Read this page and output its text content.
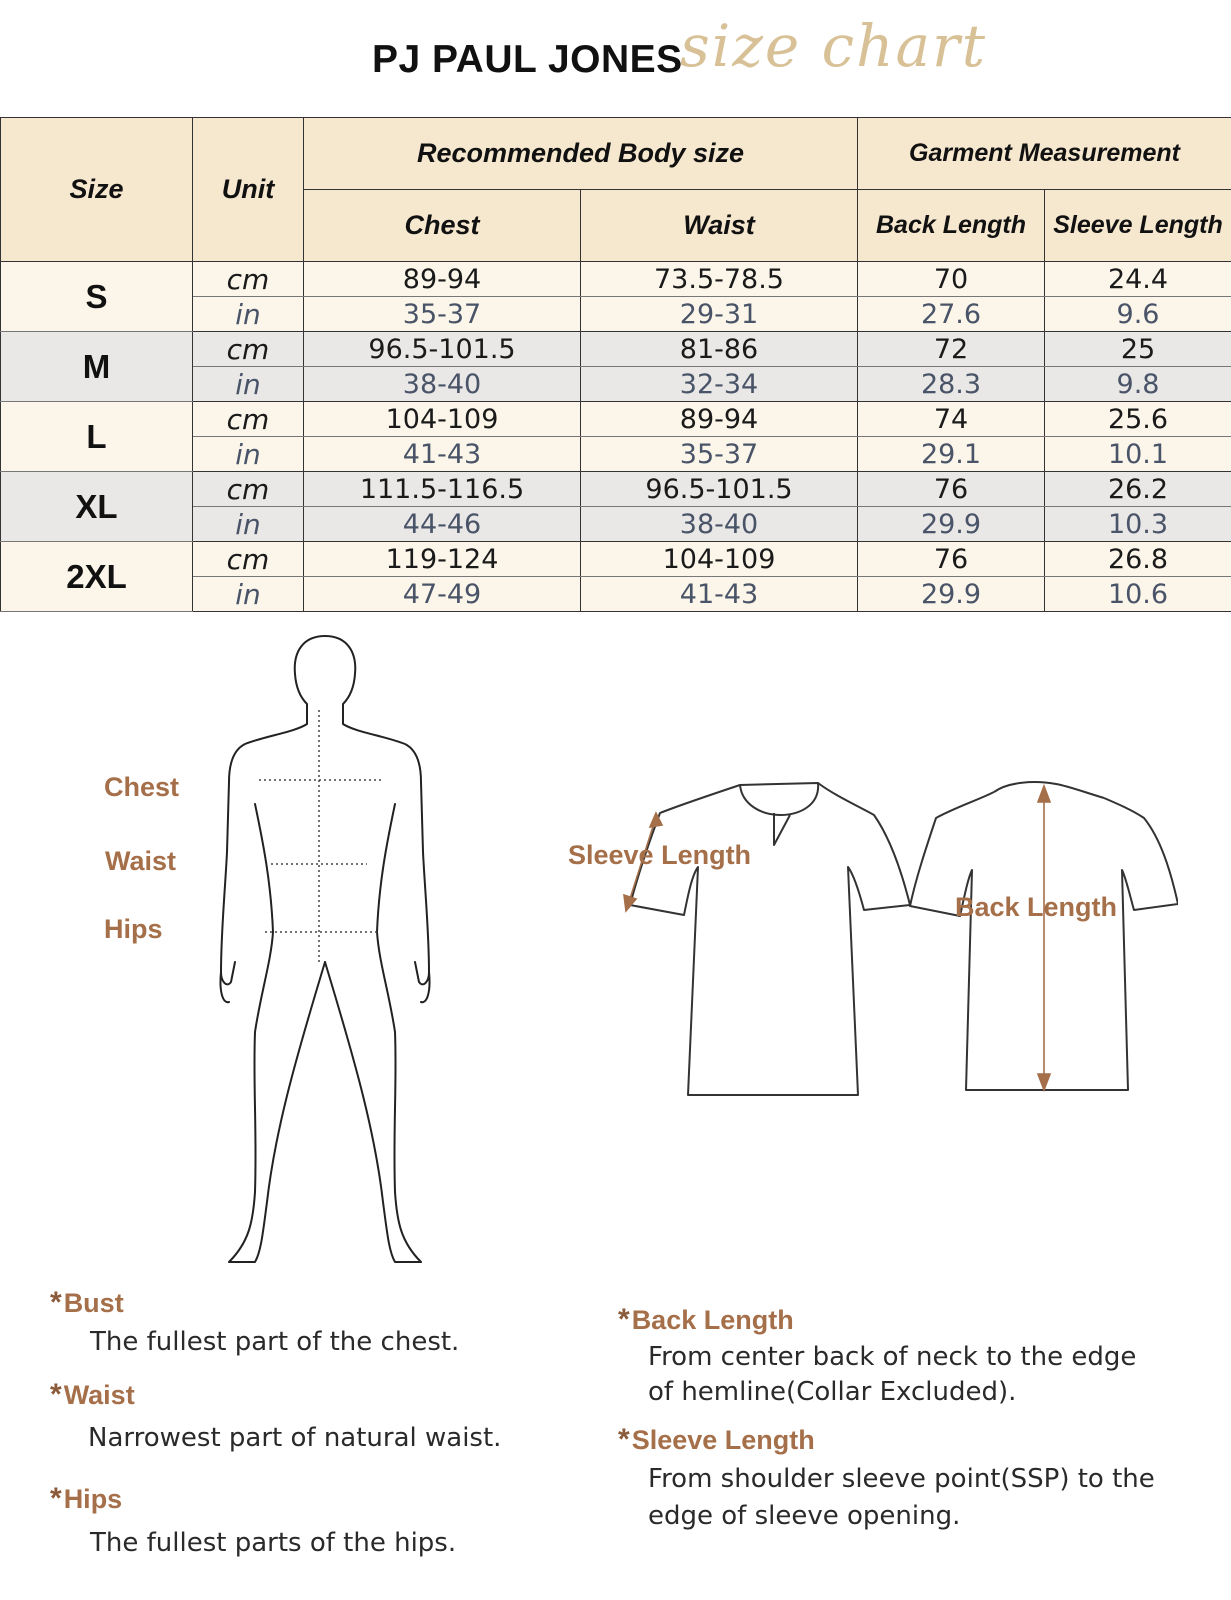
PJ PAUL JONES
size chart
Size	Unit	Recommended Body size		Garment Measurement	
		Chest	Waist	Back Length	Sleeve Length
S	cm	89-94	73.5-78.5	70	24.4
	in	35-37	29-31	27.6	9.6
M	cm	96.5-101.5	81-86	72	25
	in	38-40	32-34	28.3	9.8
L	cm	104-109	89-94	74	25.6
	in	41-43	35-37	29.1	10.1
XL	cm	111.5-116.5	96.5-101.5	76	26.2
	in	44-46	38-40	29.9	10.3
2XL	cm	119-124	104-109	76	26.8
	in	47-49	41-43	29.9	10.6
Chest
Waist
Hips
Sleeve Length
Back Length
*Bust
The fullest part of the chest.
*Waist
Narrowest part of natural waist.
*Hips
The fullest parts of the hips.
*Back Length
From center back of neck to the edge
of hemline(Collar Excluded).
*Sleeve Length
From shoulder sleeve point(SSP) to the
edge of sleeve opening.
